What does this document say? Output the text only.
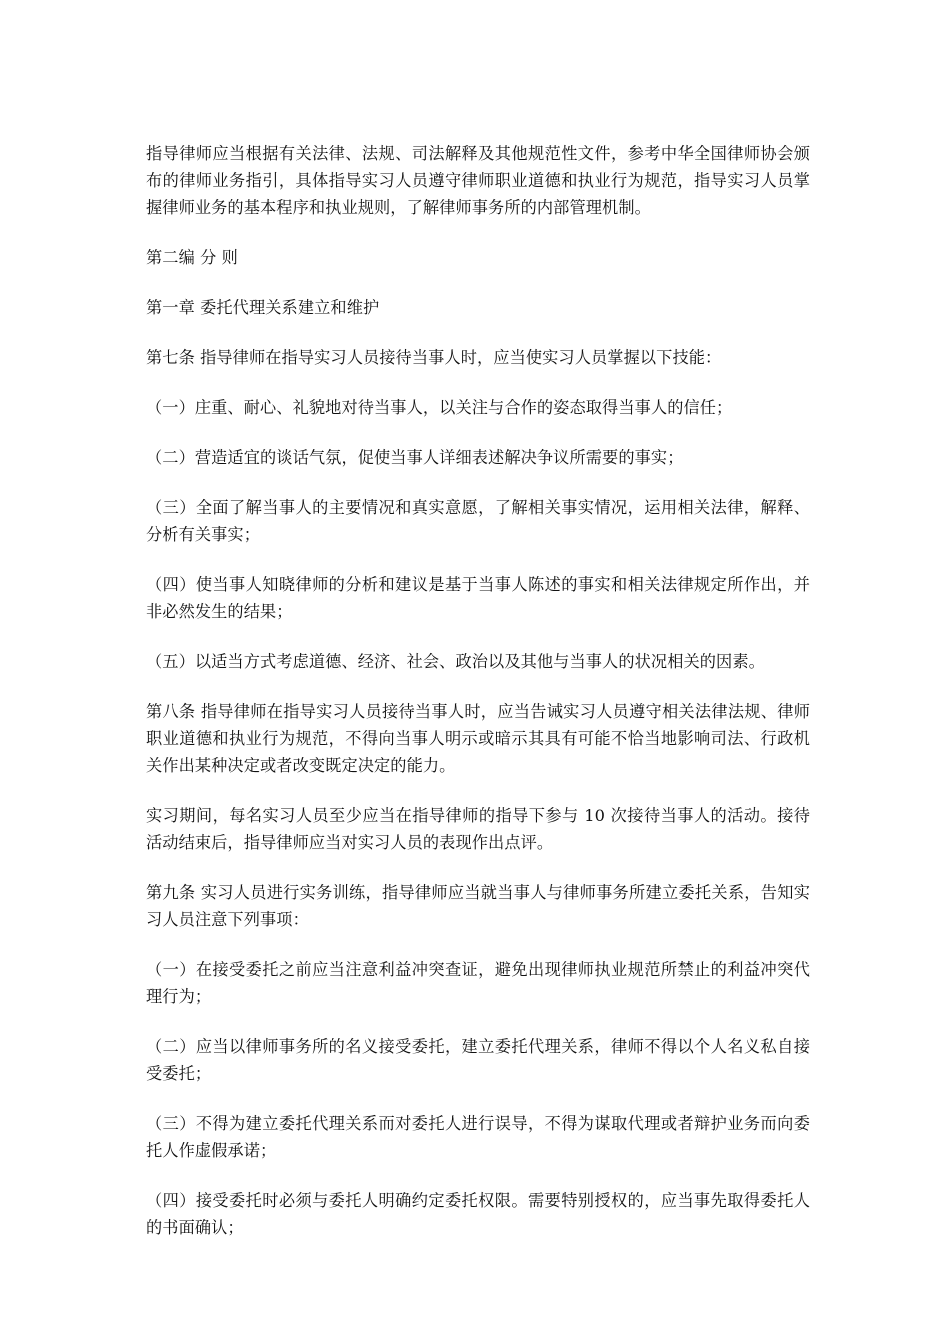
指导律师应当根据有关法律、法规、司法解释及其他规范性文件，参考中华全国律师协会颁布的律师业务指引，具体指导实习人员遵守律师职业道德和执业行为规范，指导实习人员掌握律师业务的基本程序和执业规则，了解律师事务所的内部管理机制。

第二编 分 则

第一章 委托代理关系建立和维护

第七条 指导律师在指导实习人员接待当事人时，应当使实习人员掌握以下技能：

（一）庄重、耐心、礼貌地对待当事人，以关注与合作的姿态取得当事人的信任；

（二）营造适宜的谈话气氛，促使当事人详细表述解决争议所需要的事实；

（三）全面了解当事人的主要情况和真实意愿，了解相关事实情况，运用相关法律，解释、分析有关事实；

（四）使当事人知晓律师的分析和建议是基于当事人陈述的事实和相关法律规定所作出，并非必然发生的结果；

（五）以适当方式考虑道德、经济、社会、政治以及其他与当事人的状况相关的因素。

第八条 指导律师在指导实习人员接待当事人时，应当告诫实习人员遵守相关法律法规、律师职业道德和执业行为规范，不得向当事人明示或暗示其具有可能不恰当地影响司法、行政机关作出某种决定或者改变既定决定的能力。

实习期间，每名实习人员至少应当在指导律师的指导下参与 10 次接待当事人的活动。接待活动结束后，指导律师应当对实习人员的表现作出点评。

第九条 实习人员进行实务训练，指导律师应当就当事人与律师事务所建立委托关系，告知实习人员注意下列事项：

（一）在接受委托之前应当注意利益冲突查证，避免出现律师执业规范所禁止的利益冲突代理行为；

（二）应当以律师事务所的名义接受委托，建立委托代理关系，律师不得以个人名义私自接受委托；

（三）不得为建立委托代理关系而对委托人进行误导，不得为谋取代理或者辩护业务而向委托人作虚假承诺；

（四）接受委托时必须与委托人明确约定委托权限。需要特别授权的，应当事先取得委托人的书面确认；
